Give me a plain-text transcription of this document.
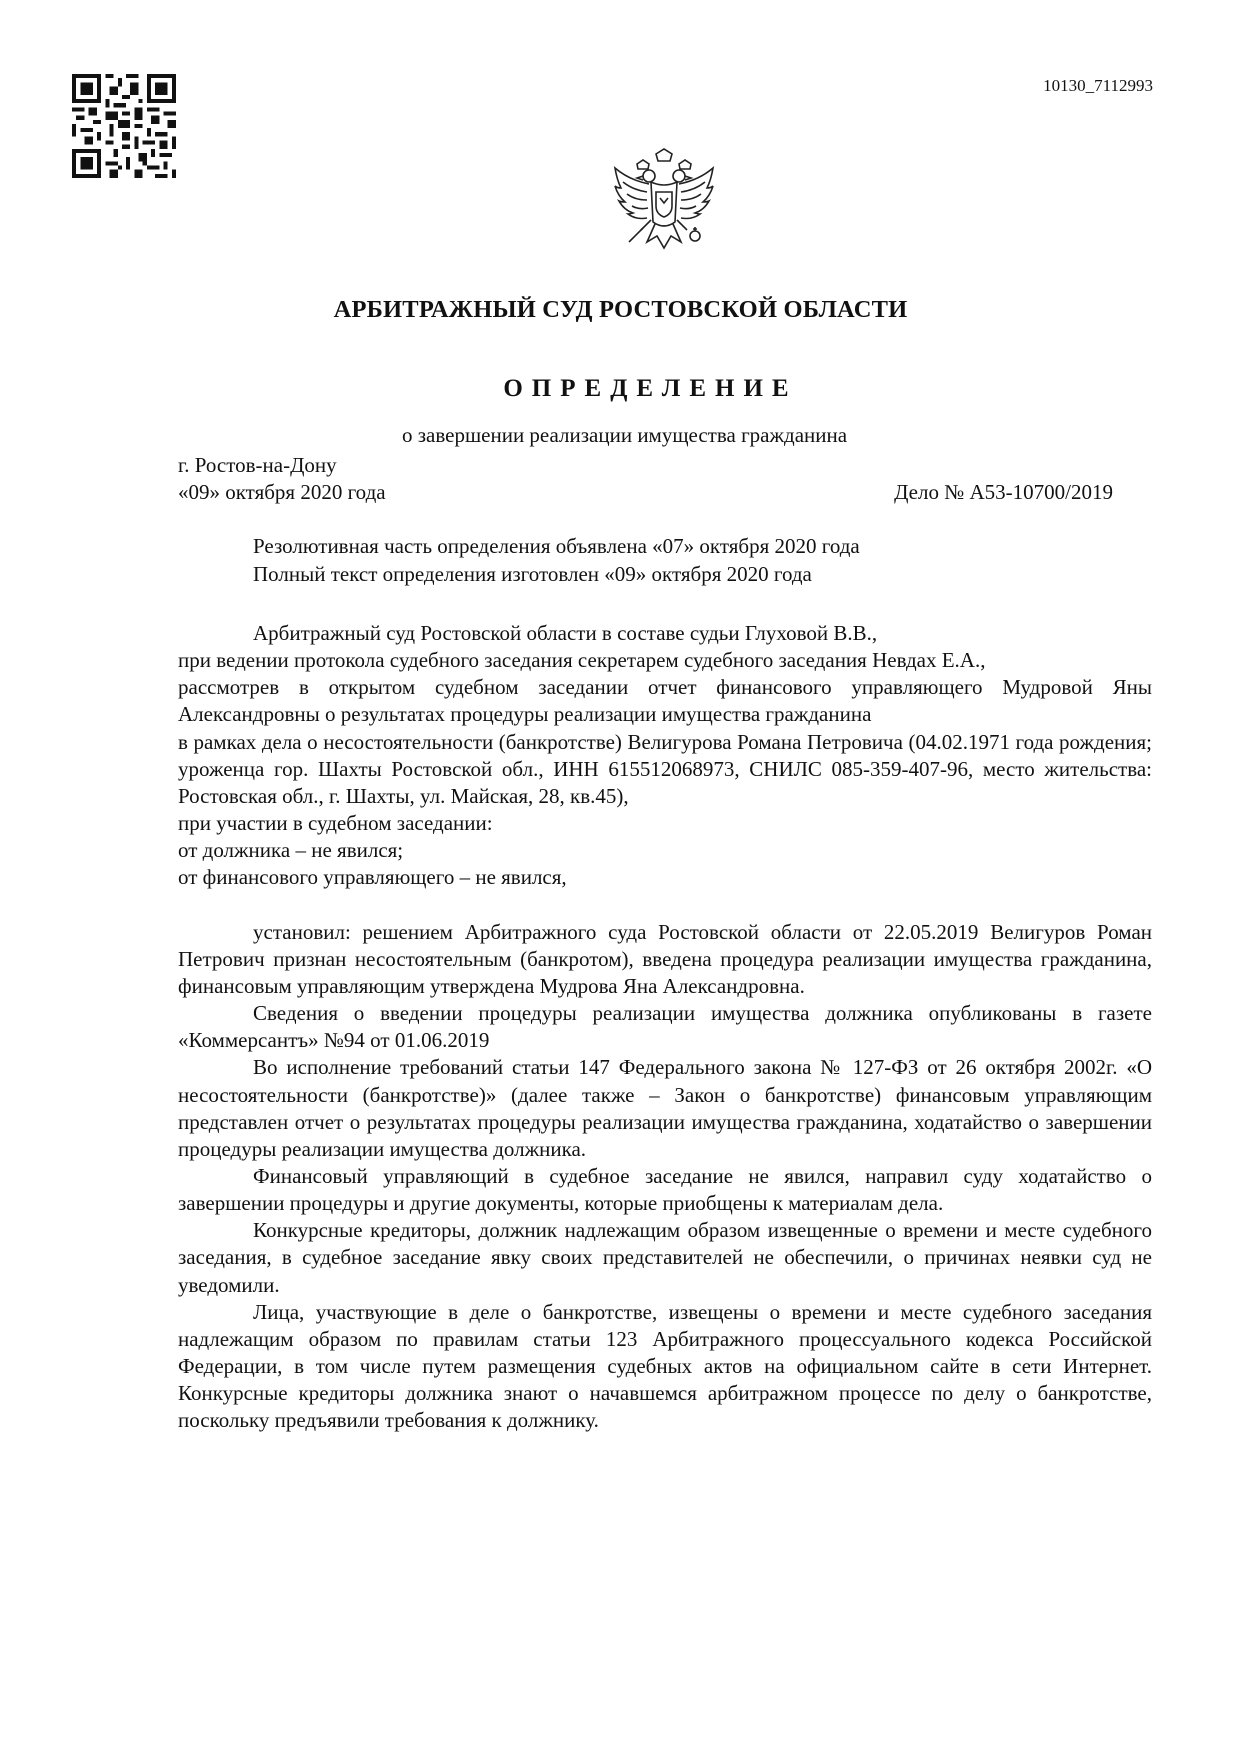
10130_7112993
АРБИТРАЖНЫЙ СУД РОСТОВСКОЙ ОБЛАСТИ
ОПРЕДЕЛЕНИЕ
о завершении реализации имущества гражданина
г. Ростов-на-Дону
«09» октября 2020 года	Дело № А53-10700/2019
Резолютивная часть определения объявлена «07» октября 2020 года
Полный текст определения изготовлен «09» октября 2020 года

Арбитражный суд Ростовской области в составе судьи Глуховой В.В.,

при ведении протокола судебного заседания секретарем судебного заседания Невдах Е.А.,

рассмотрев в открытом судебном заседании отчет финансового управляющего Мудровой Яны Александровны о результатах процедуры реализации имущества гражданина

в рамках дела о несостоятельности (банкротстве) Велигурова Романа Петровича (04.02.1971 года рождения; уроженца гор. Шахты Ростовской обл., ИНН 615512068973, СНИЛС 085-359-407-96, место жительства: Ростовская обл., г. Шахты, ул. Майская, 28, кв.45),

при участии в судебном заседании:

от должника – не явился;

от финансового управляющего – не явился,

установил: решением Арбитражного суда Ростовской области от 22.05.2019 Велигуров Роман Петрович признан несостоятельным (банкротом), введена процедура реализации имущества гражданина, финансовым управляющим утверждена Мудрова Яна Александровна.

Сведения о введении процедуры реализации имущества должника опубликованы в газете «Коммерсантъ» №94 от 01.06.2019

Во исполнение требований статьи 147 Федерального закона № 127-ФЗ от 26 октября 2002г. «О несостоятельности (банкротстве)» (далее также – Закон о банкротстве) финансовым управляющим представлен отчет о результатах процедуры реализации имущества гражданина, ходатайство о завершении процедуры реализации имущества должника.

Финансовый управляющий в судебное заседание не явился, направил суду ходатайство о завершении процедуры и другие документы, которые приобщены к материалам дела.

Конкурсные кредиторы, должник надлежащим образом извещенные о времени и месте судебного заседания, в судебное заседание явку своих представителей не обеспечили, о причинах неявки суд не уведомили.

Лица, участвующие в деле о банкротстве, извещены о времени и месте судебного заседания надлежащим образом по правилам статьи 123 Арбитражного процессуального кодекса Российской Федерации, в том числе путем размещения судебных актов на официальном сайте в сети Интернет. Конкурсные кредиторы должника знают о начавшемся арбитражном процессе по делу о банкротстве, поскольку предъявили требования к должнику.
